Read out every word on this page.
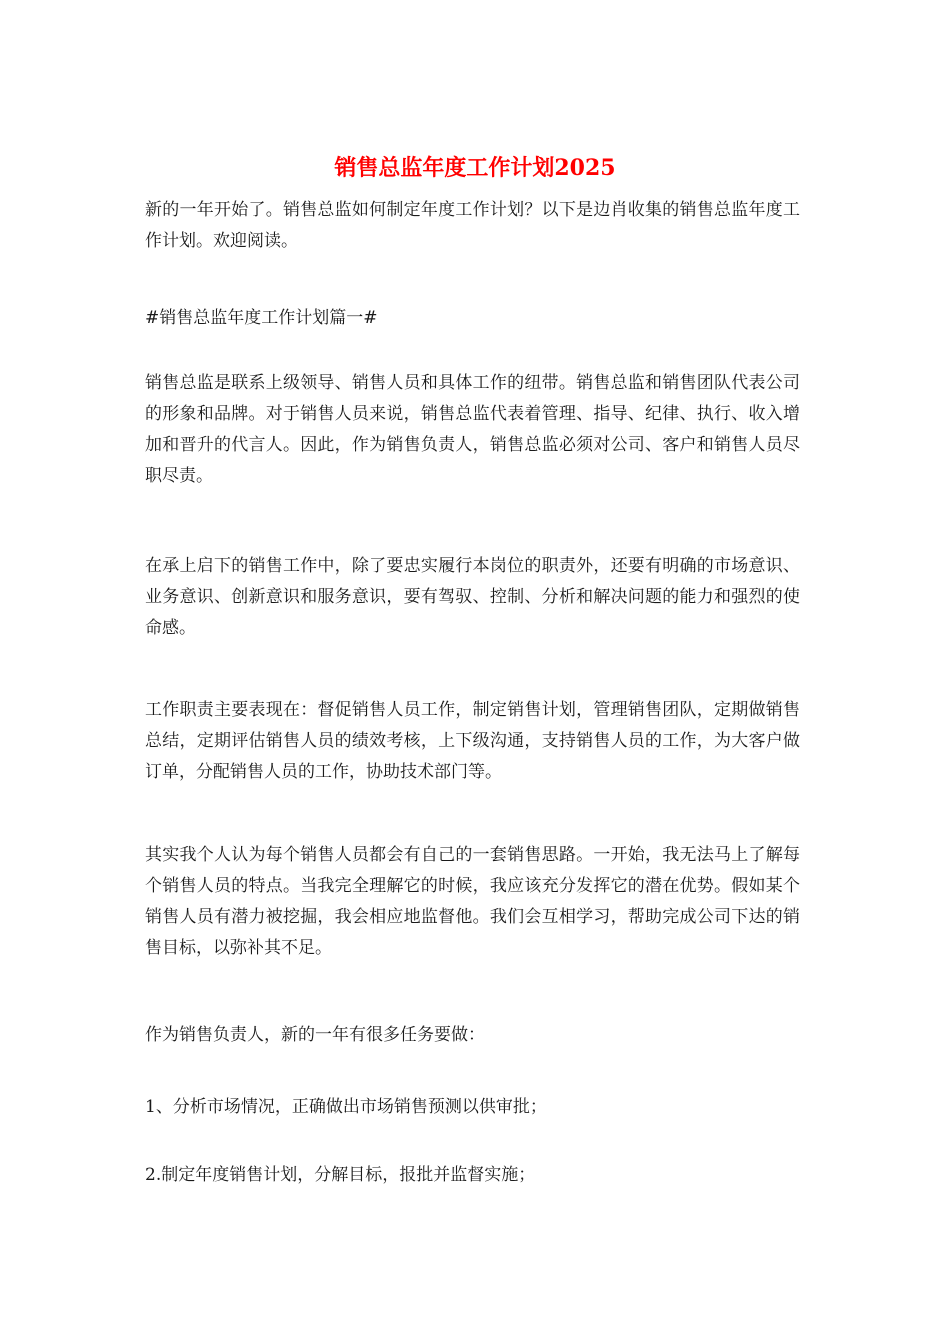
销售总监年度工作计划2025

新的一年开始了。销售总监如何制定年度工作计划？以下是边肖收集的销售总监年度工作计划。欢迎阅读。

#销售总监年度工作计划篇一#

销售总监是联系上级领导、销售人员和具体工作的纽带。销售总监和销售团队代表公司的形象和品牌。对于销售人员来说，销售总监代表着管理、指导、纪律、执行、收入增加和晋升的代言人。因此，作为销售负责人，销售总监必须对公司、客户和销售人员尽职尽责。

在承上启下的销售工作中，除了要忠实履行本岗位的职责外，还要有明确的市场意识、业务意识、创新意识和服务意识，要有驾驭、控制、分析和解决问题的能力和强烈的使命感。

工作职责主要表现在：督促销售人员工作，制定销售计划，管理销售团队，定期做销售总结，定期评估销售人员的绩效考核，上下级沟通，支持销售人员的工作，为大客户做订单，分配销售人员的工作，协助技术部门等。

其实我个人认为每个销售人员都会有自己的一套销售思路。一开始，我无法马上了解每个销售人员的特点。当我完全理解它的时候，我应该充分发挥它的潜在优势。假如某个销售人员有潜力被挖掘，我会相应地监督他。我们会互相学习，帮助完成公司下达的销售目标，以弥补其不足。

作为销售负责人，新的一年有很多任务要做：

1、分析市场情况，正确做出市场销售预测以供审批；

2.制定年度销售计划，分解目标，报批并监督实施；
